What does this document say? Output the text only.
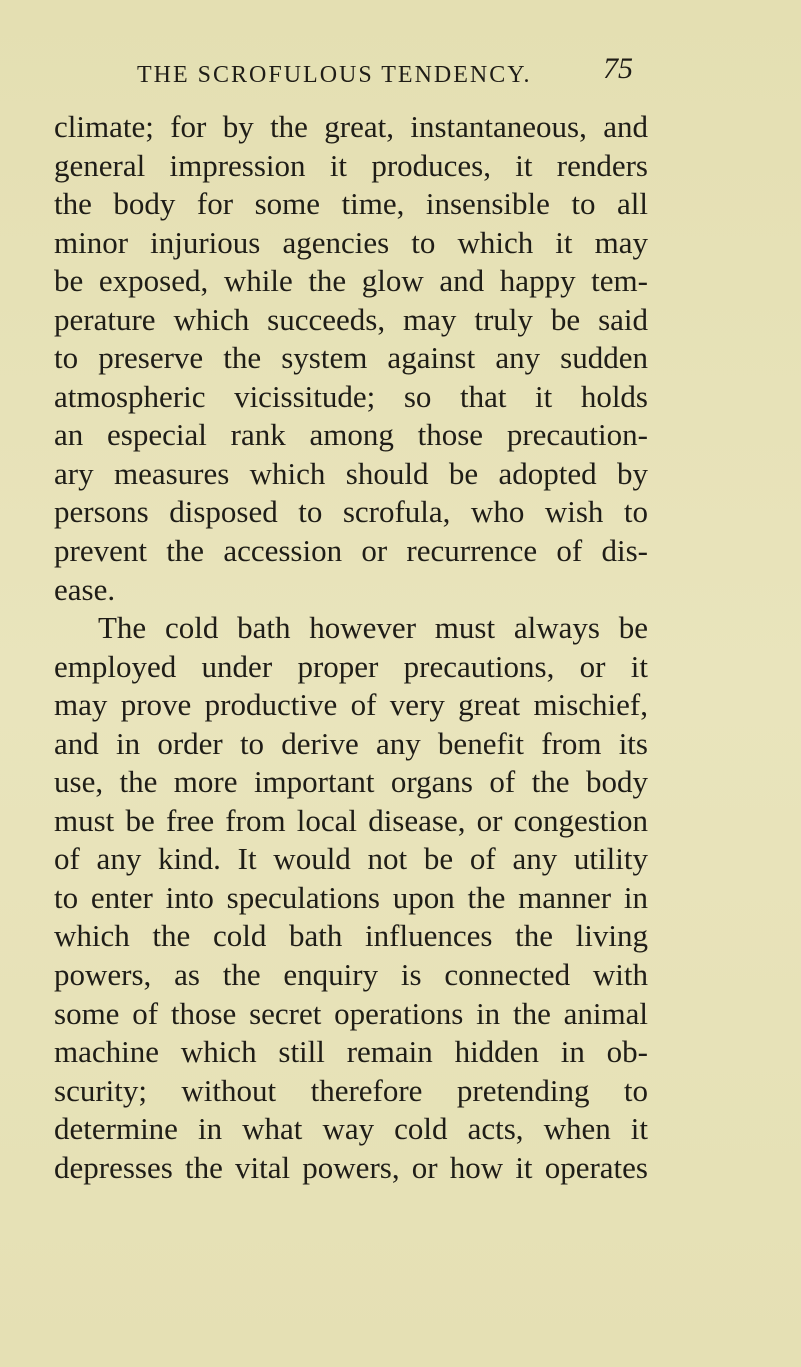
THE SCROFULOUS TENDENCY.	75
climate; for by the great, instantaneous, and
general impression it produces, it renders
the body for some time, insensible to all
minor injurious agencies to which it may
be exposed, while the glow and happy tem-
perature which succeeds, may truly be said
to preserve the system against any sudden
atmospheric vicissitude; so that it holds
an especial rank among those precaution-
ary measures which should be adopted by
persons disposed to scrofula, who wish to
prevent the accession or recurrence of dis-
ease.
The cold bath however must always be
employed under proper precautions, or it
may prove productive of very great mischief,
and in order to derive any benefit from its
use, the more important organs of the body
must be free from local disease, or congestion
of any kind. It would not be of any utility
to enter into speculations upon the manner in
which the cold bath influences the living
powers, as the enquiry is connected with
some of those secret operations in the animal
machine which still remain hidden in ob-
scurity; without therefore pretending to
determine in what way cold acts, when it
depresses the vital powers, or how it operates
